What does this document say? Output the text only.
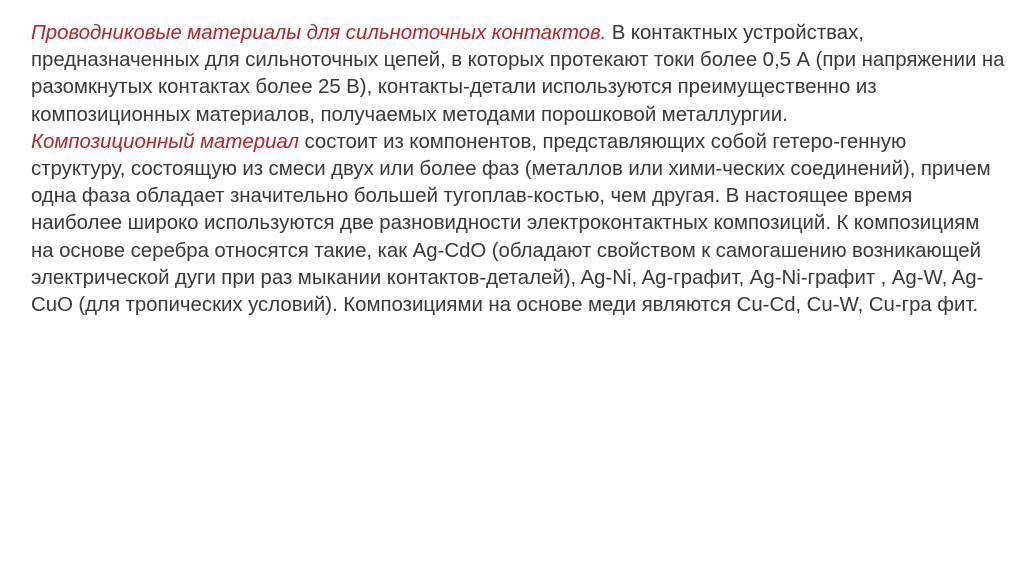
Проводниковые материалы для сильноточных контактов. В контактных устройствах, предназначенных для сильноточных цепей, в которых протекают токи более 0,5 А (при напряжении на разомкнутых контактах более 25 В), контакты-детали используются преимущественно из композиционных материалов, получаемых методами порошковой металлургии.

Композиционный материал состоит из компонентов, представляющих собой гетеро-генную структуру, состоящую из смеси двух или более фаз (металлов или хими-ческих соединений), причем одна фаза обладает значительно большей тугоплав-костью, чем другая. В настоящее время наиболее широко используются две разновидности электроконтактных композиций. К композициям на основе серебра относятся такие, как Ag-CdO (обладают свойством к самогашению возникающей электрической дуги при раз мыкании контактов-деталей), Ag-Ni, Ag-графит, Ag-Ni-графит , Ag-W, Ag-CuO (для тропических условий). Композициями на основе меди являются Cu-Cd, Cu-W, Cu-гра фит.
